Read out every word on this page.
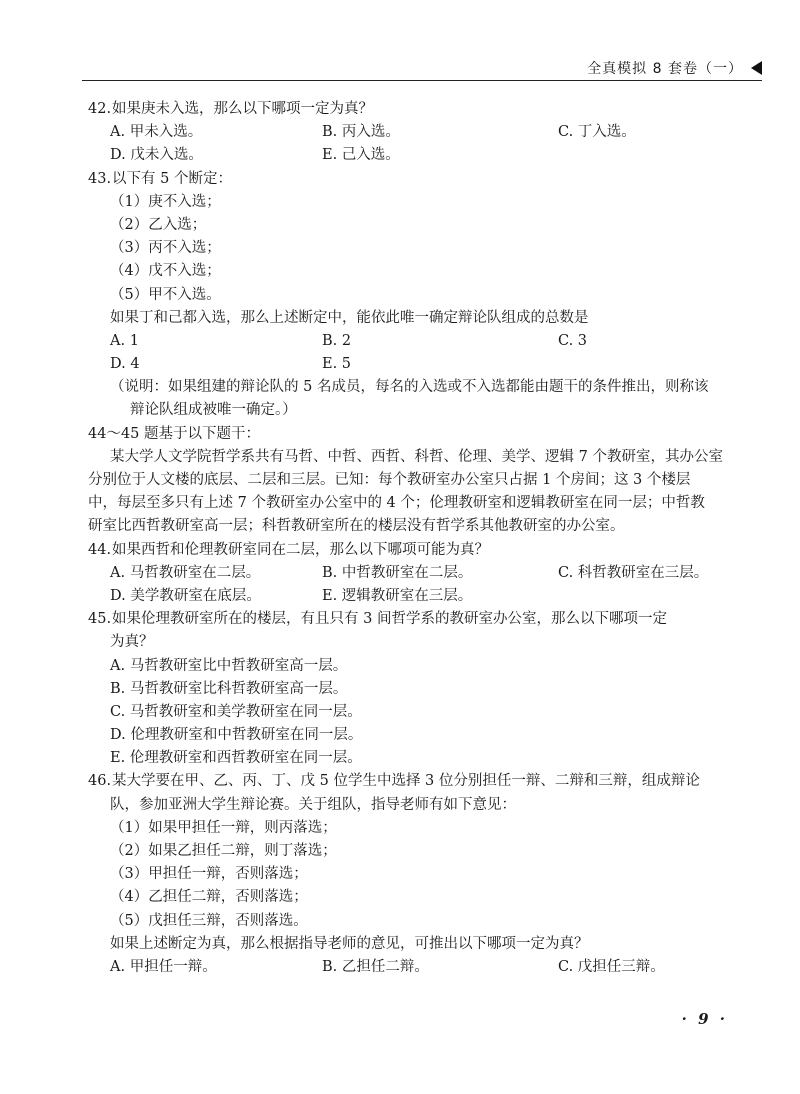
全真模拟 8 套卷（一）
42. 如果庚未入选，那么以下哪项一定为真？
A. 甲未入选。	B. 丙入选。	C. 丁入选。
D. 戊未入选。	E. 己入选。
43. 以下有 5 个断定：
（1）庚不入选；
（2）乙入选；
（3）丙不入选；
（4）戊不入选；
（5）甲不入选。
如果丁和己都入选，那么上述断定中，能依此唯一确定辩论队组成的总数是
A. 1	B. 2	C. 3
D. 4	E. 5
（说明：如果组建的辩论队的 5 名成员，每名的入选或不入选都能由题干的条件推出，则称该
辩论队组成被唯一确定。）
44～45 题基于以下题干：
某大学人文学院哲学系共有马哲、中哲、西哲、科哲、伦理、美学、逻辑 7 个教研室，其办公室
分别位于人文楼的底层、二层和三层。已知：每个教研室办公室只占据 1 个房间；这 3 个楼层
中，每层至多只有上述 7 个教研室办公室中的 4 个；伦理教研室和逻辑教研室在同一层；中哲教
研室比西哲教研室高一层；科哲教研室所在的楼层没有哲学系其他教研室的办公室。
44. 如果西哲和伦理教研室同在二层，那么以下哪项可能为真？
A. 马哲教研室在二层。	B. 中哲教研室在二层。	C. 科哲教研室在三层。
D. 美学教研室在底层。	E. 逻辑教研室在三层。
45. 如果伦理教研室所在的楼层，有且只有 3 间哲学系的教研室办公室，那么以下哪项一定
为真？
A. 马哲教研室比中哲教研室高一层。
B. 马哲教研室比科哲教研室高一层。
C. 马哲教研室和美学教研室在同一层。
D. 伦理教研室和中哲教研室在同一层。
E. 伦理教研室和西哲教研室在同一层。
46. 某大学要在甲、乙、丙、丁、戊 5 位学生中选择 3 位分别担任一辩、二辩和三辩，组成辩论
队，参加亚洲大学生辩论赛。关于组队，指导老师有如下意见：
（1）如果甲担任一辩，则丙落选；
（2）如果乙担任二辩，则丁落选；
（3）甲担任一辩，否则落选；
（4）乙担任二辩，否则落选；
（5）戊担任三辩，否则落选。
如果上述断定为真，那么根据指导老师的意见，可推出以下哪项一定为真？
A. 甲担任一辩。	B. 乙担任二辩。	C. 戊担任三辩。
· 9 ·
